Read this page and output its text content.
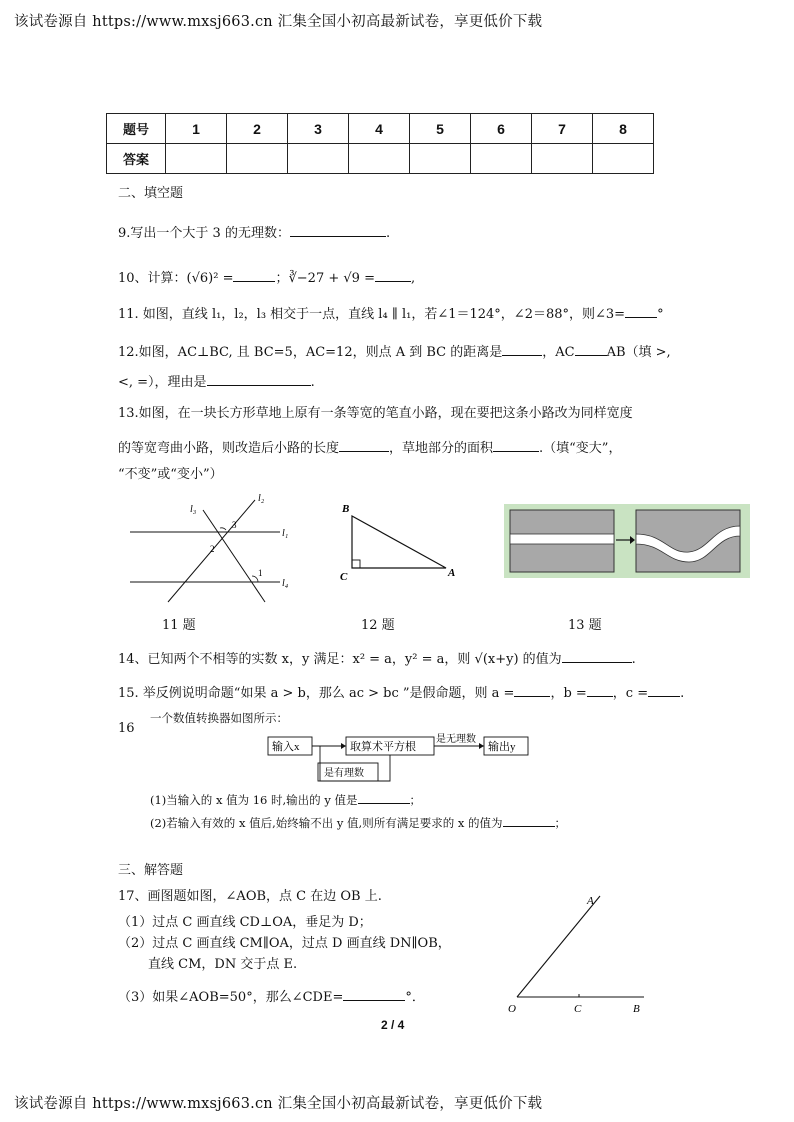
该试卷源自 https://www.mxsj663.cn 汇集全国小初高最新试卷，享更低价下载
题号	1	2	3	4	5	6	7	8
答案								
二、填空题
9.写出一个大于 3 的无理数：	.
10、计算：(√6)² =	；∛−27 + √9 =	,
11. 如图，直线 l₁，l₂，l₃ 相交于一点，直线 l₄ ∥ l₁，若∠1＝124°，∠2＝88°，则∠3= °
12.如图，AC⊥BC, 且 BC=5，AC=12，则点 A 到 BC 的距离是	，AC AB（填 >,
<, =），理由是	.
13.如图，在一块长方形草地上原有一条等宽的笔直小路，现在要把这条小路改为同样宽度
的等宽弯曲小路，则改造后小路的长度	，草地部分的面积	.（填“变大”，
“不变”或“变小”）
l₁
l₂
l₃
l₄
1
2
3
11 题
B
C	A
12 题	13 题
14、已知两个不相等的实数 x，y 满足：x² = a，y² = a，则 √(x+y) 的值为	.
15. 举反例说明命题“如果 a > b，那么 ac > bc ”是假命题，则 a =	，b = ，c = .
一个数值转换器如图所示：
16
输入x	取算术平方根	输出y
是无理数
是有理数
(1)当输入的 x 值为 16 时,输出的 y 值是	；
(2)若输入有效的 x 值后,始终输不出 y 值,则所有满足要求的 x 的值为	；
三、解答题
17、画图题如图，∠AOB，点 C 在边 OB 上.
（1）过点 C 画直线 CD⊥OA，垂足为 D；
（2）过点 C 画直线 CM∥OA，过点 D 画直线 DN∥OB，
直线 CM，DN 交于点 E.
（3）如果∠AOB=50°，那么∠CDE=	°．
A
O	C	B
2 / 4
该试卷源自 https://www.mxsj663.cn 汇集全国小初高最新试卷，享更低价下载
